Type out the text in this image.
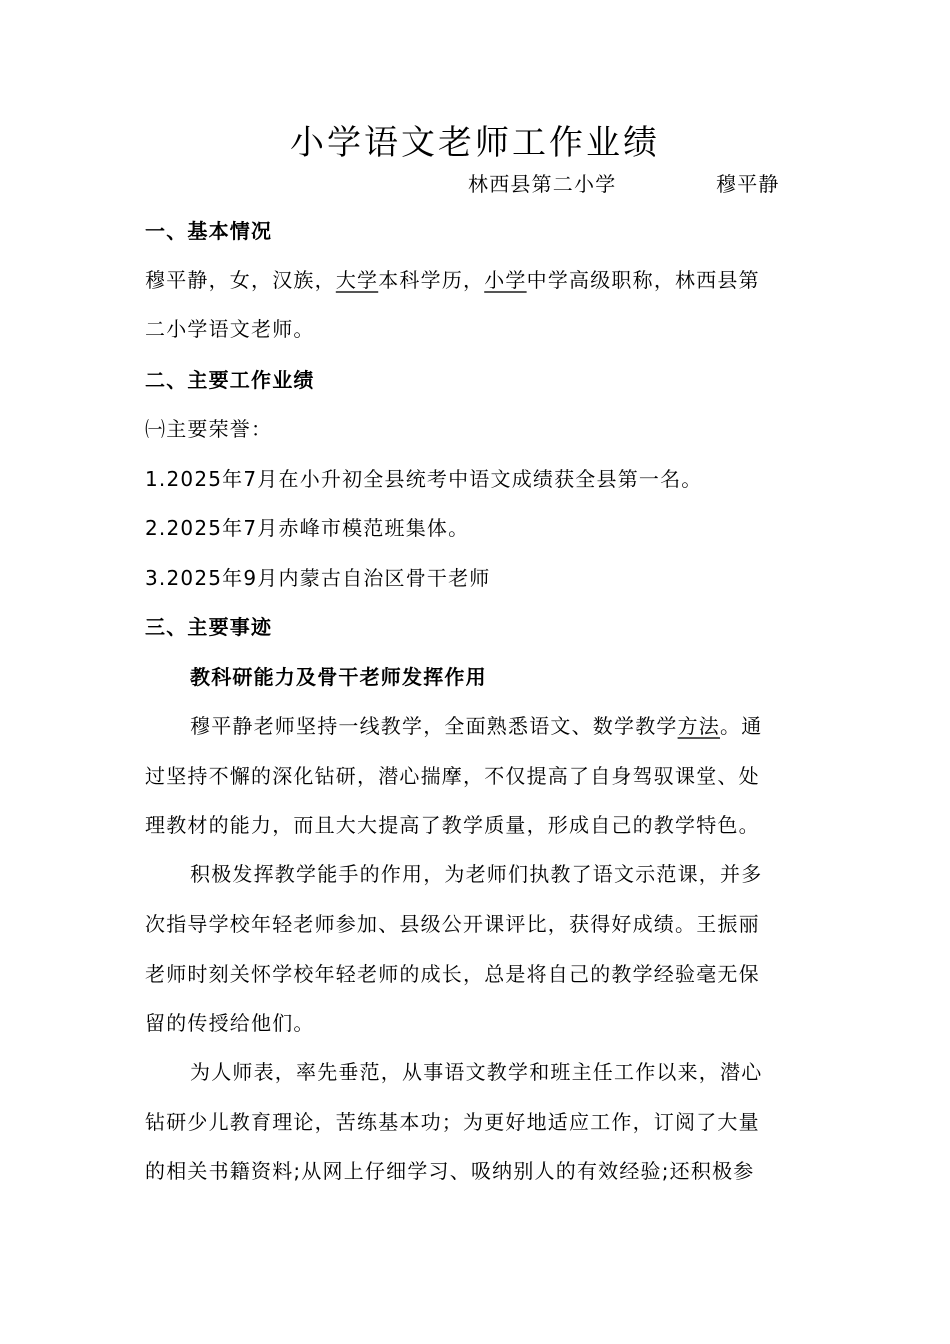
小学语文老师工作业绩
林西县第二小学	穆平静
一、基本情况
穆平静，女，汉族，大学本科学历，小学中学高级职称，林西县第
二小学语文老师。
二、主要工作业绩
㈠主要荣誉：
1.2025年7月在小升初全县统考中语文成绩获全县第一名。
2.2025年7月赤峰市模范班集体。
3.2025年9月内蒙古自治区骨干老师
三、主要事迹
教科研能力及骨干老师发挥作用
穆平静老师坚持一线教学，全面熟悉语文、数学教学方法。通
过坚持不懈的深化钻研，潜心揣摩，不仅提高了自身驾驭课堂、处
理教材的能力，而且大大提高了教学质量，形成自己的教学特色。
积极发挥教学能手的作用，为老师们执教了语文示范课，并多
次指导学校年轻老师参加、县级公开课评比，获得好成绩。王振丽
老师时刻关怀学校年轻老师的成长，总是将自己的教学经验毫无保
留的传授给他们。
为人师表，率先垂范，从事语文教学和班主任工作以来，潜心
钻研少儿教育理论，苦练基本功；为更好地适应工作，订阅了大量
的相关书籍资料;从网上仔细学习、吸纳别人的有效经验;还积极参
